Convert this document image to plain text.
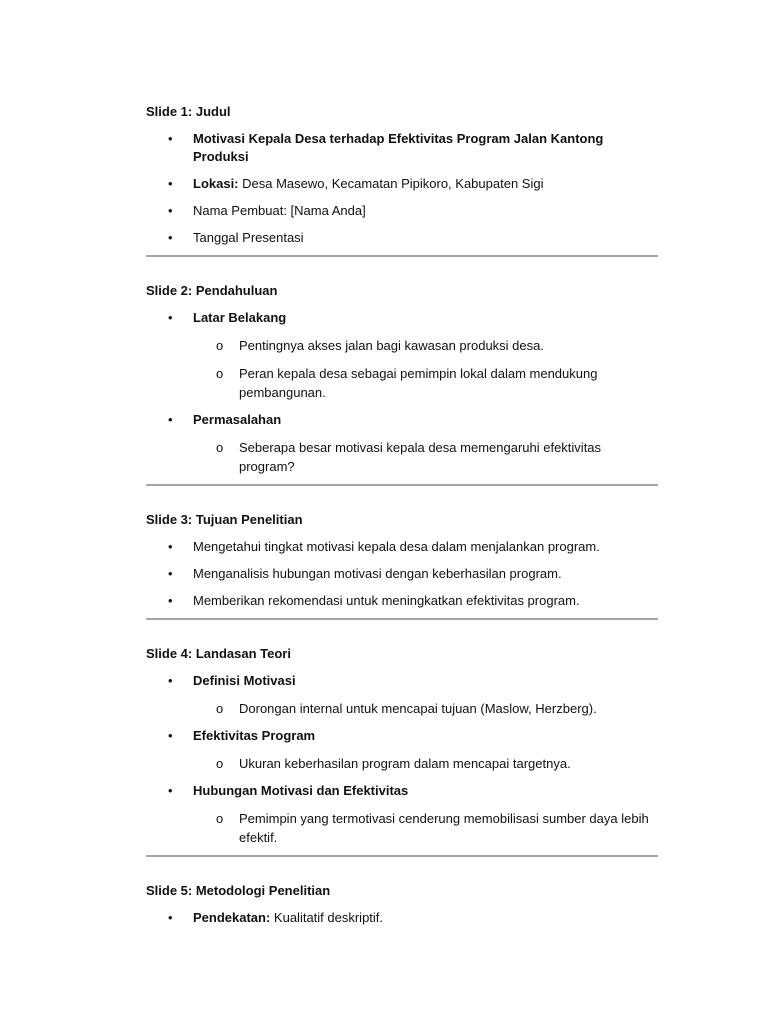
Slide 1: Judul

• Motivasi Kepala Desa terhadap Efektivitas Program Jalan Kantong Produksi
• Lokasi: Desa Masewo, Kecamatan Pipikoro, Kabupaten Sigi
• Nama Pembuat: [Nama Anda]
• Tanggal Presentasi

Slide 2: Pendahuluan

• Latar Belakang
o Pentingnya akses jalan bagi kawasan produksi desa.
o Peran kepala desa sebagai pemimpin lokal dalam mendukung pembangunan.
• Permasalahan
o Seberapa besar motivasi kepala desa memengaruhi efektivitas program?

Slide 3: Tujuan Penelitian

• Mengetahui tingkat motivasi kepala desa dalam menjalankan program.
• Menganalisis hubungan motivasi dengan keberhasilan program.
• Memberikan rekomendasi untuk meningkatkan efektivitas program.

Slide 4: Landasan Teori

• Definisi Motivasi
o Dorongan internal untuk mencapai tujuan (Maslow, Herzberg).
• Efektivitas Program
o Ukuran keberhasilan program dalam mencapai targetnya.
• Hubungan Motivasi dan Efektivitas
o Pemimpin yang termotivasi cenderung memobilisasi sumber daya lebih efektif.

Slide 5: Metodologi Penelitian

• Pendekatan: Kualitatif deskriptif.
